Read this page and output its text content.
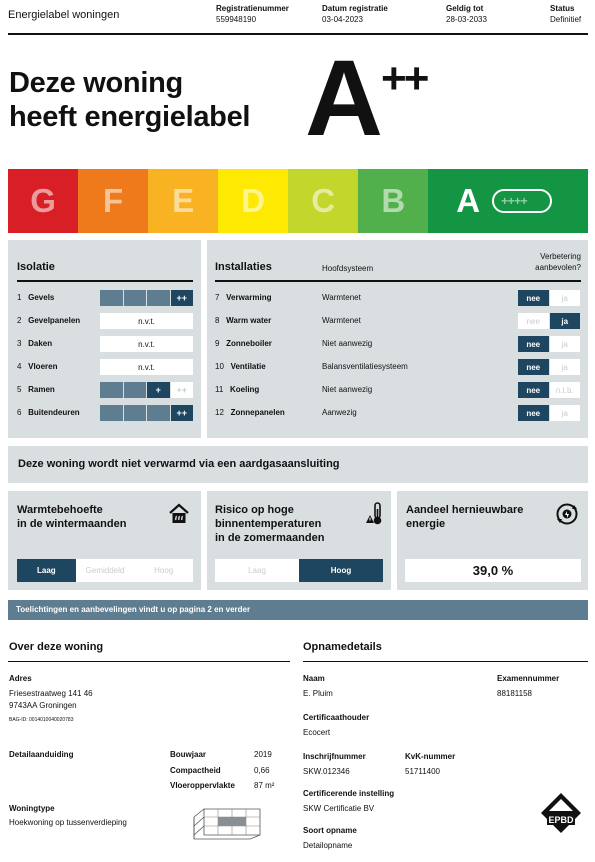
Energielabel woningen
Registratienummer
559948190
Datum registratie
03-04-2023
Geldig tot
28-03-2033
Status
Definitief
Deze woning
heeft energielabel A ++
G F E D C B A ++ ++
Isolatie
1 Gevels	++
2 Gevelpanelen	n.v.t.
3 Daken	n.v.t.
4 Vloeren	n.v.t.
5 Ramen	+	++
6 Buitendeuren	++
Installaties	Hoofdsysteem
Verbetering aanbevolen?
7 Verwarming	Warmtenet	nee	ja
8 Warm water	Warmtenet	nee	ja
9 Zonneboiler	Niet aanwezig	nee	ja
10 Ventilatie	Balansventilatiesysteem	nee	ja
11 Koeling	Niet aanwezig	nee	n.t.b.
12 Zonnepanelen	Aanwezig	nee	ja
Deze woning wordt niet verwarmd via een aardgasaansluiting
Warmtebehoefte
in de wintermaanden
Laag	Gemiddeld	Hoog
Risico op hoge
binnentemperaturen
in de zomermaanden
Laag	Hoog
Aandeel hernieuwbare
energie
39,0 %
Toelichtingen en aanbevelingen vindt u op pagina 2 en verder
Over deze woning
Adres
Friesestraatweg 141 46
9743AA Groningen
BAG-ID: 0014010040020783
Detailaanduiding	Bouwjaar	2019
Compactheid	0,66
Vloeroppervlakte 87 m²
Woningtype
Hoekwoning op tussenverdieping
Opnamedetails
Naam
E. Pluim
Examennummer
88181158
Certificaathouder
Ecocert
Inschrijfnummer
SKW.012346
KvK-nummer
51711400
Certificerende instelling
SKW Certificatie BV
Soort opname
Detailopname
EPBD
